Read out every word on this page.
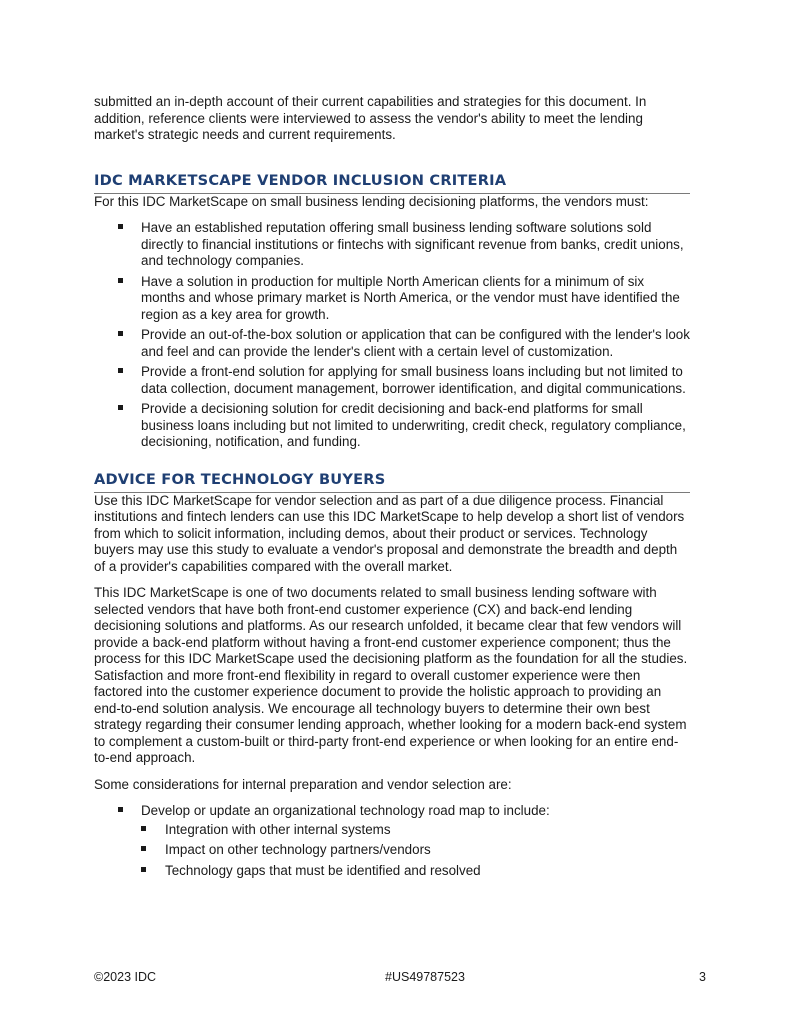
submitted an in-depth account of their current capabilities and strategies for this document. In addition, reference clients were interviewed to assess the vendor's ability to meet the lending market's strategic needs and current requirements.

IDC MARKETSCAPE VENDOR INCLUSION CRITERIA

For this IDC MarketScape on small business lending decisioning platforms, the vendors must:

Have an established reputation offering small business lending software solutions sold directly to financial institutions or fintechs with significant revenue from banks, credit unions, and technology companies.
Have a solution in production for multiple North American clients for a minimum of six months and whose primary market is North America, or the vendor must have identified the region as a key area for growth.
Provide an out-of-the-box solution or application that can be configured with the lender's look and feel and can provide the lender's client with a certain level of customization.
Provide a front-end solution for applying for small business loans including but not limited to data collection, document management, borrower identification, and digital communications.
Provide a decisioning solution for credit decisioning and back-end platforms for small business loans including but not limited to underwriting, credit check, regulatory compliance, decisioning, notification, and funding.
ADVICE FOR TECHNOLOGY BUYERS

Use this IDC MarketScape for vendor selection and as part of a due diligence process. Financial institutions and fintech lenders can use this IDC MarketScape to help develop a short list of vendors from which to solicit information, including demos, about their product or services. Technology buyers may use this study to evaluate a vendor's proposal and demonstrate the breadth and depth of a provider's capabilities compared with the overall market.

This IDC MarketScape is one of two documents related to small business lending software with selected vendors that have both front-end customer experience (CX) and back-end lending decisioning solutions and platforms. As our research unfolded, it became clear that few vendors will provide a back-end platform without having a front-end customer experience component; thus the process for this IDC MarketScape used the decisioning platform as the foundation for all the studies. Satisfaction and more front-end flexibility in regard to overall customer experience were then factored into the customer experience document to provide the holistic approach to providing an end-to-end solution analysis. We encourage all technology buyers to determine their own best strategy regarding their consumer lending approach, whether looking for a modern back-end system to complement a custom-built or third-party front-end experience or when looking for an entire end-to-end approach.

Some considerations for internal preparation and vendor selection are:

Develop or update an organizational technology road map to include:
Integration with other internal systems
Impact on other technology partners/vendors
Technology gaps that must be identified and resolved
©2023 IDC	#US49787523	3
